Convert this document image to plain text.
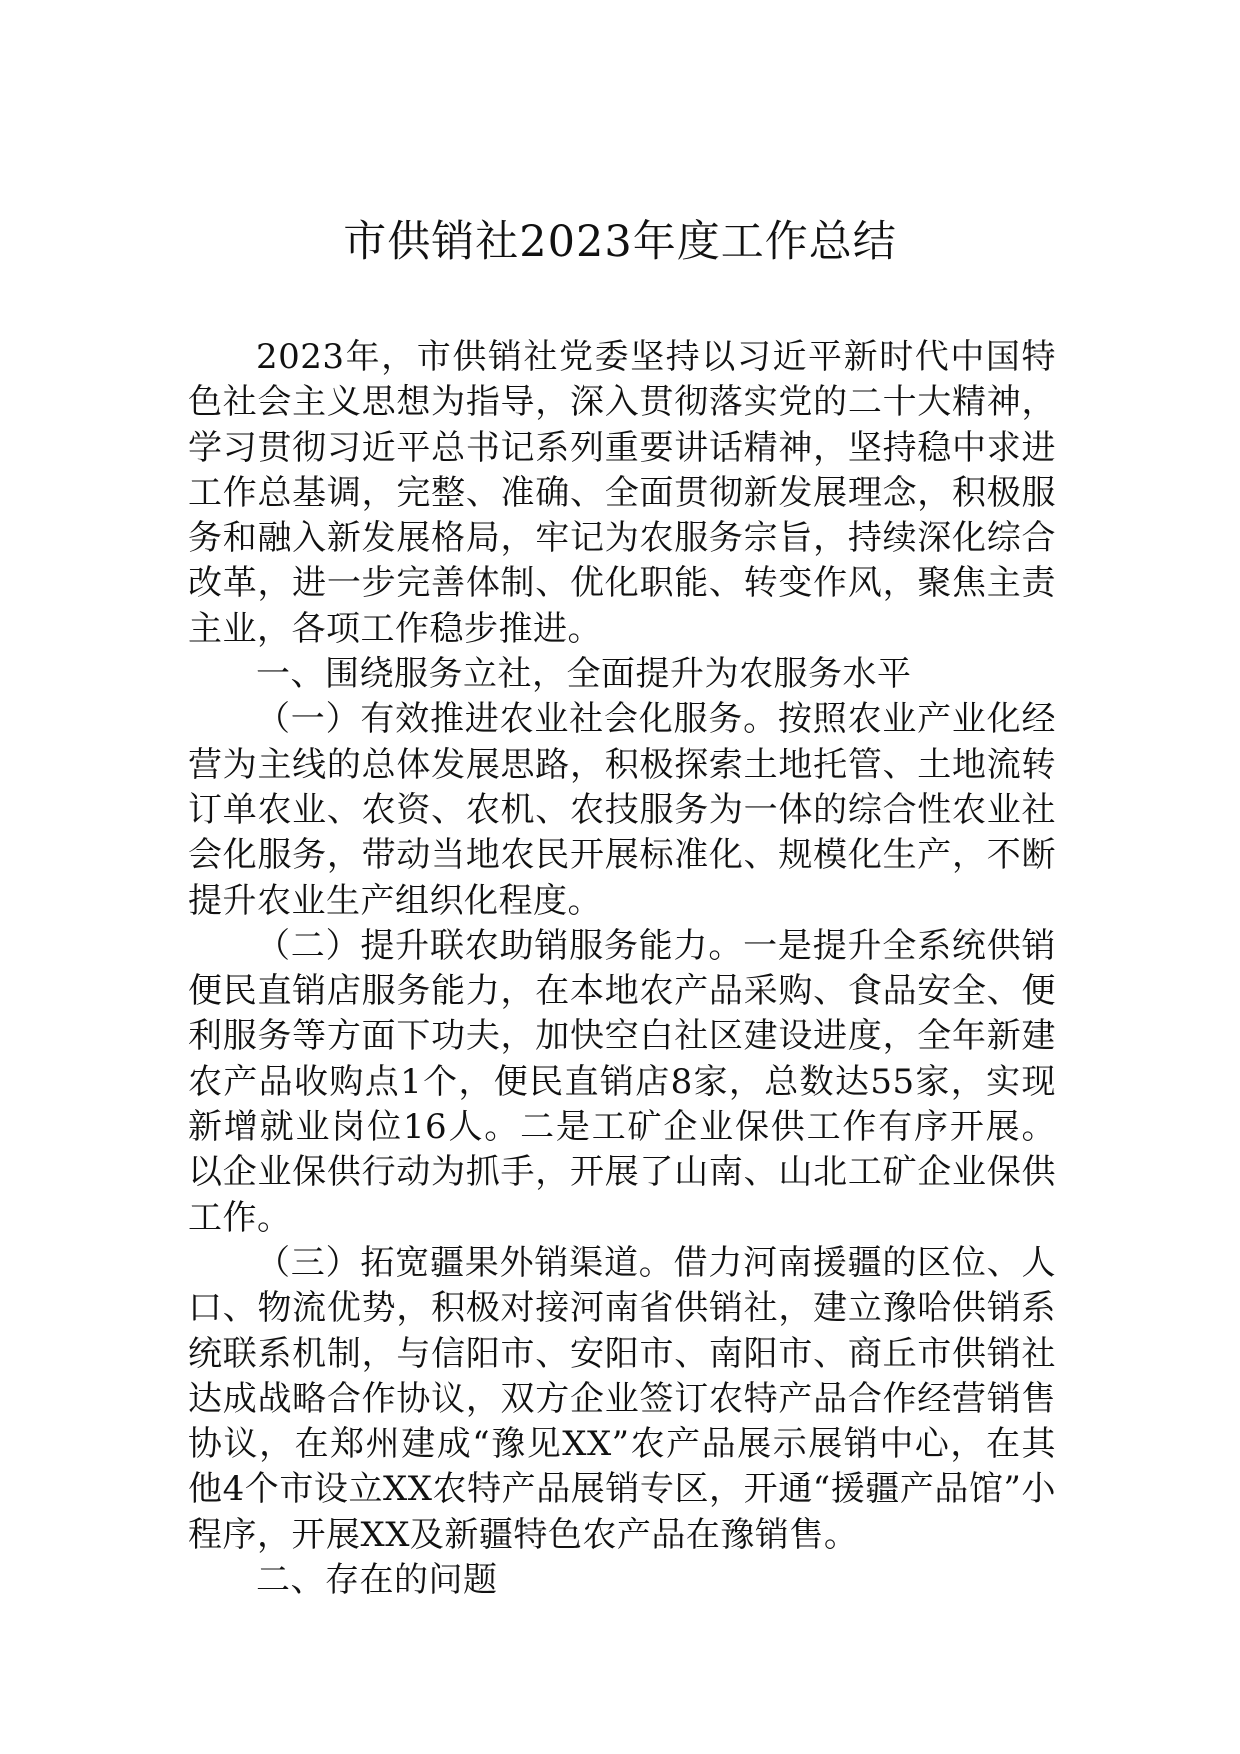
市供销社2023年度工作总结

2023年，市供销社党委坚持以习近平新时代中国特色社会主义思想为指导，深入贯彻落实党的二十大精神，学习贯彻习近平总书记系列重要讲话精神，坚持稳中求进工作总基调，完整、准确、全面贯彻新发展理念，积极服务和融入新发展格局，牢记为农服务宗旨，持续深化综合改革，进一步完善体制、优化职能、转变作风，聚焦主责主业，各项工作稳步推进。

一、围绕服务立社，全面提升为农服务水平

（一）有效推进农业社会化服务。按照农业产业化经营为主线的总体发展思路，积极探索土地托管、土地流转订单农业、农资、农机、农技服务为一体的综合性农业社会化服务，带动当地农民开展标准化、规模化生产，不断提升农业生产组织化程度。

（二）提升联农助销服务能力。一是提升全系统供销便民直销店服务能力，在本地农产品采购、食品安全、便利服务等方面下功夫，加快空白社区建设进度，全年新建农产品收购点1个，便民直销店8家，总数达55家，实现新增就业岗位16人。二是工矿企业保供工作有序开展。以企业保供行动为抓手，开展了山南、山北工矿企业保供工作。

（三）拓宽疆果外销渠道。借力河南援疆的区位、人口、物流优势，积极对接河南省供销社，建立豫哈供销系统联系机制，与信阳市、安阳市、南阳市、商丘市供销社达成战略合作协议，双方企业签订农特产品合作经营销售协议，在郑州建成“豫见XX”农产品展示展销中心，在其他4个市设立XX农特产品展销专区，开通“援疆产品馆”小程序，开展XX及新疆特色农产品在豫销售。

二、存在的问题
